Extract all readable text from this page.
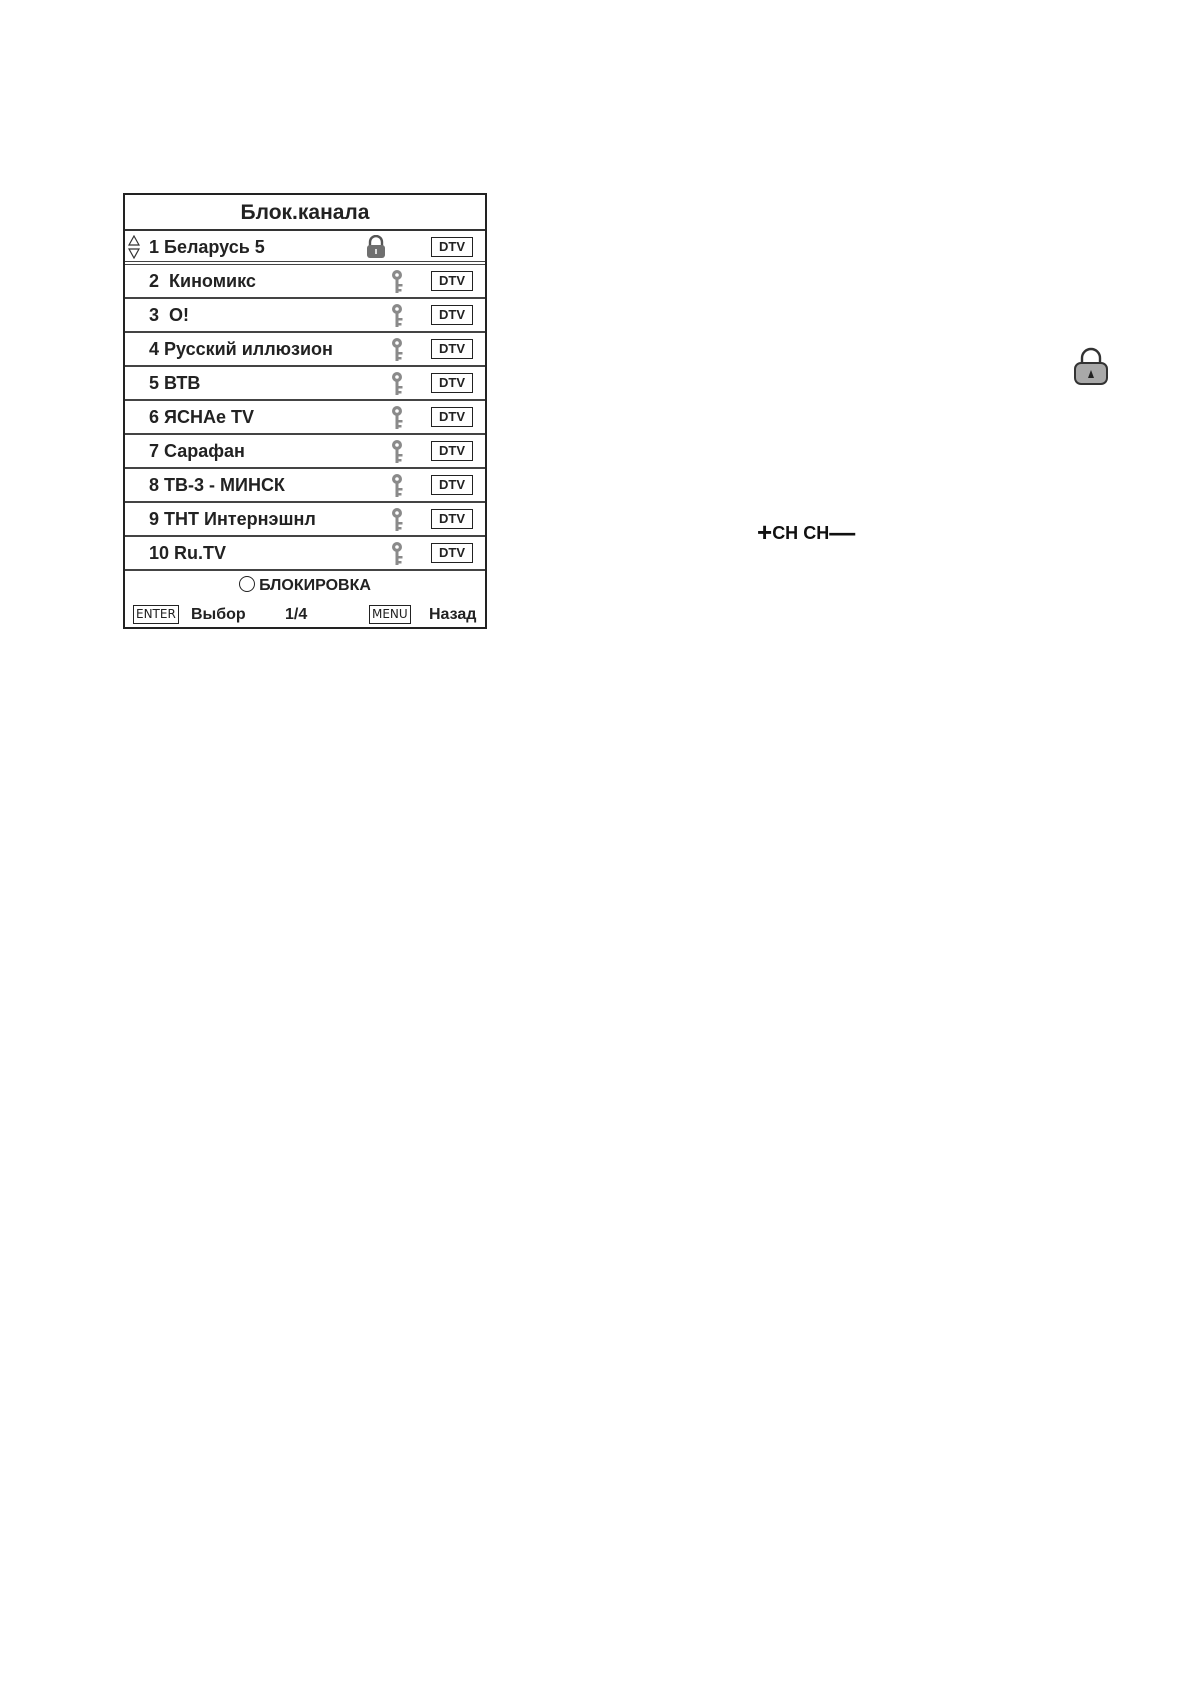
Блок.канала
1 Беларусь 5	DTV
2  Киномикс	DTV
3  О!	DTV
4 Русский иллюзион	DTV
5 ВТВ	DTV
6 ЯСНАе TV	DTV
7 Сарафан	DTV
8 ТВ-3 - МИНСК	DTV
9 ТНТ Интернэшнл	DTV
10 Ru.TV	DTV
БЛОКИРОВКА
ENTER Выбор 1/4	MENU Назад
+CH CH—
